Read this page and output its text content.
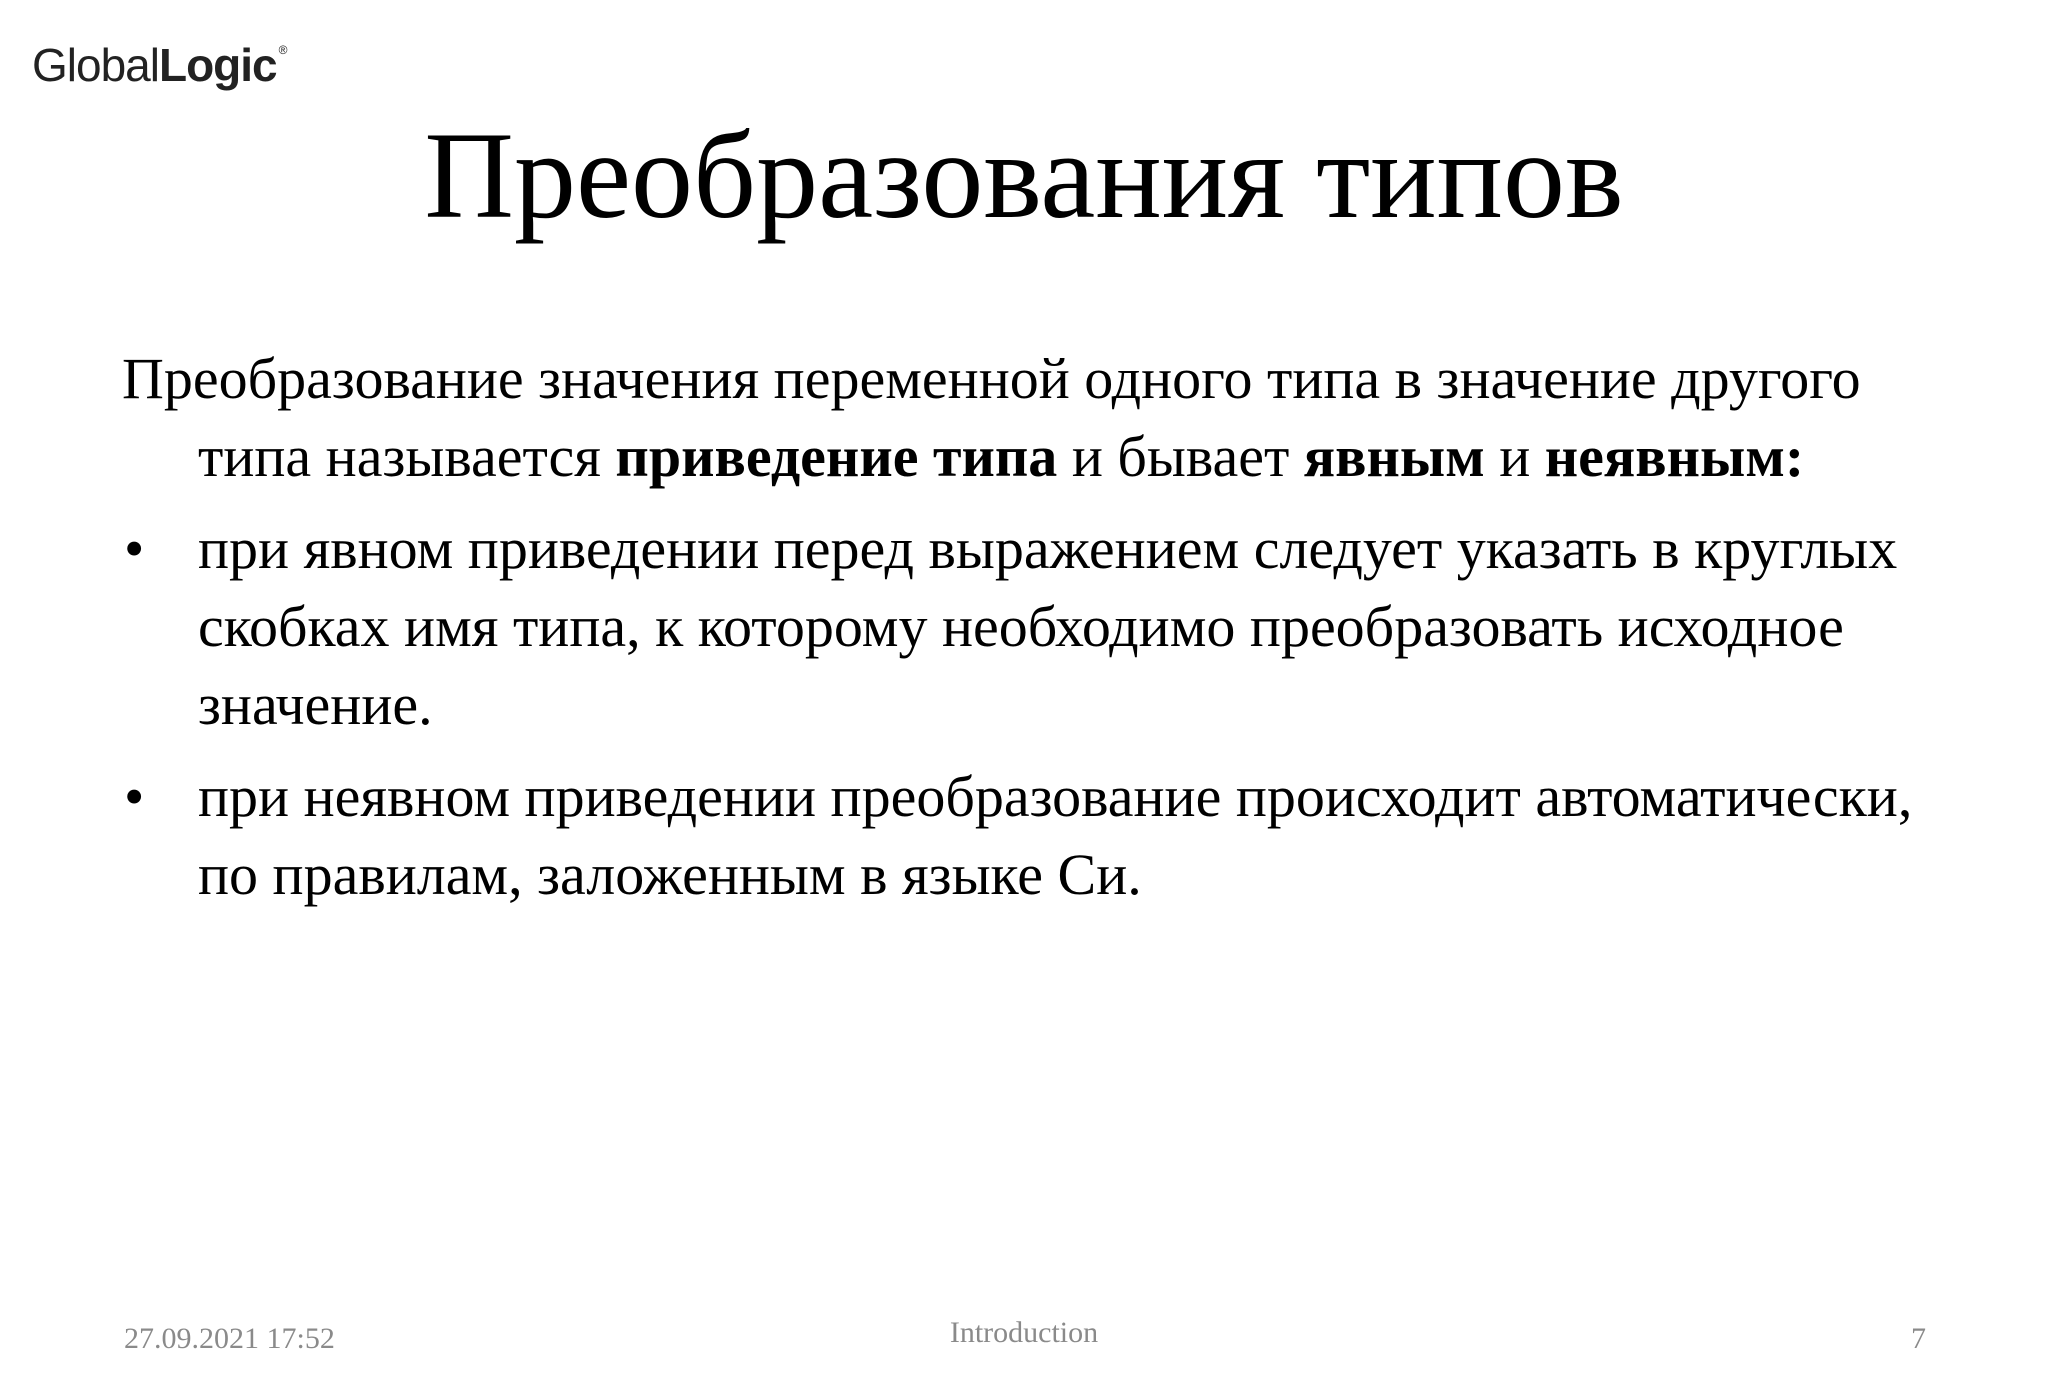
GlobalLogic ®
Преобразования типов

Преобразование значения переменной одного типа в значение другого типа называется приведение типа и бывает явным и неявным:

• при явном приведении перед выражением следует указать в круглых скобках имя типа, к которому необходимо преобразовать исходное значение.
• при неявном приведении преобразование происходит автоматически, по правилам, заложенным в языке Си.
27.09.2021 17:52	Introduction	7
